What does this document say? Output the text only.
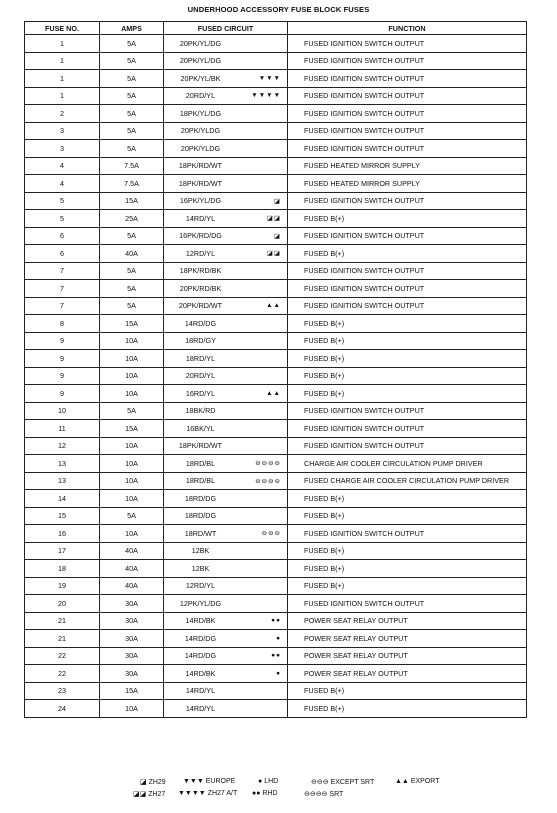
UNDERHOOD ACCESSORY FUSE BLOCK FUSES
FUSE NO.	AMPS	FUSED CIRCUIT	FUNCTION
1	5A	20PK/YL/DG	FUSED IGNITION SWITCH OUTPUT
1	5A	20PK/YL/DG	FUSED IGNITION SWITCH OUTPUT
1	5A	20PK/YL/BK ▼▼▼	FUSED IGNITION SWITCH OUTPUT
1	5A	20RD/YL ▼▼▼▼	FUSED IGNITION SWITCH OUTPUT
2	5A	18PK/YL/DG	FUSED IGNITION SWITCH OUTPUT
3	5A	20PK/YLDG	FUSED IGNITION SWITCH OUTPUT
3	5A	20PK/YLDG	FUSED IGNITION SWITCH OUTPUT
4	7.5A	18PK/RD/WT	FUSED HEATED MIRROR SUPPLY
4	7.5A	18PK/RD/WT	FUSED HEATED MIRROR SUPPLY
5	15A	16PK/YL/DG ◪	FUSED IGNITION SWITCH OUTPUT
5	25A	14RD/YL ◪◪	FUSED B(+)
6	5A	16PK/RD/DG ◪	FUSED IGNITION SWITCH OUTPUT
6	40A	12RD/YL ◪◪	FUSED B(+)
7	5A	18PK/RD/BK	FUSED IGNITION SWITCH OUTPUT
7	5A	20PK/RD/BK	FUSED IGNITION SWITCH OUTPUT
7	5A	20PK/RD/WT ▲▲	FUSED IGNITION SWITCH OUTPUT
8	15A	14RD/DG	FUSED B(+)
9	10A	18RD/GY	FUSED B(+)
9	10A	18RD/YL	FUSED B(+)
9	10A	20RD/YL	FUSED B(+)
9	10A	16RD/YL ▲▲	FUSED B(+)
10	5A	18BK/RD	FUSED IGNITION SWITCH OUTPUT
11	15A	16BK/YL	FUSED IGNITION SWITCH OUTPUT
12	10A	18PK/RD/WT	FUSED IGNITION SWITCH OUTPUT
13	10A	18RD/BL ⊖⊖⊖⊖	CHARGE AIR COOLER CIRCULATION PUMP DRIVER
13	10A	18RD/BL ⊖⊖⊖⊖	FUSED CHARGE AIR COOLER CIRCULATION PUMP DRIVER
14	10A	18RD/DG	FUSED B(+)
15	5A	18RD/DG	FUSED B(+)
16	10A	18RD/WT ⊖⊖⊖	FUSED IGNITION SWITCH OUTPUT
17	40A	12BK	FUSED B(+)
18	40A	12BK	FUSED B(+)
19	40A	12RD/YL	FUSED B(+)
20	30A	12PK/YL/DG	FUSED IGNITION SWITCH OUTPUT
21	30A	14RD/BK ●●	POWER SEAT RELAY OUTPUT
21	30A	14RD/DG ●	POWER SEAT RELAY OUTPUT
22	30A	14RD/DG ●●	POWER SEAT RELAY OUTPUT
22	30A	14RD/BK ●	POWER SEAT RELAY OUTPUT
23	15A	14RD/YL	FUSED B(+)
24	10A	14RD/YL	FUSED B(+)
◪ ZH29 ▼▼▼ EUROPE	● LHD	⊖⊖⊖ EXCEPT SRT	▲▲ EXPORT
◪◪ ZH27 ▼▼▼▼ ZH27 A/T ●● RHD	⊖⊖⊖⊖ SRT
